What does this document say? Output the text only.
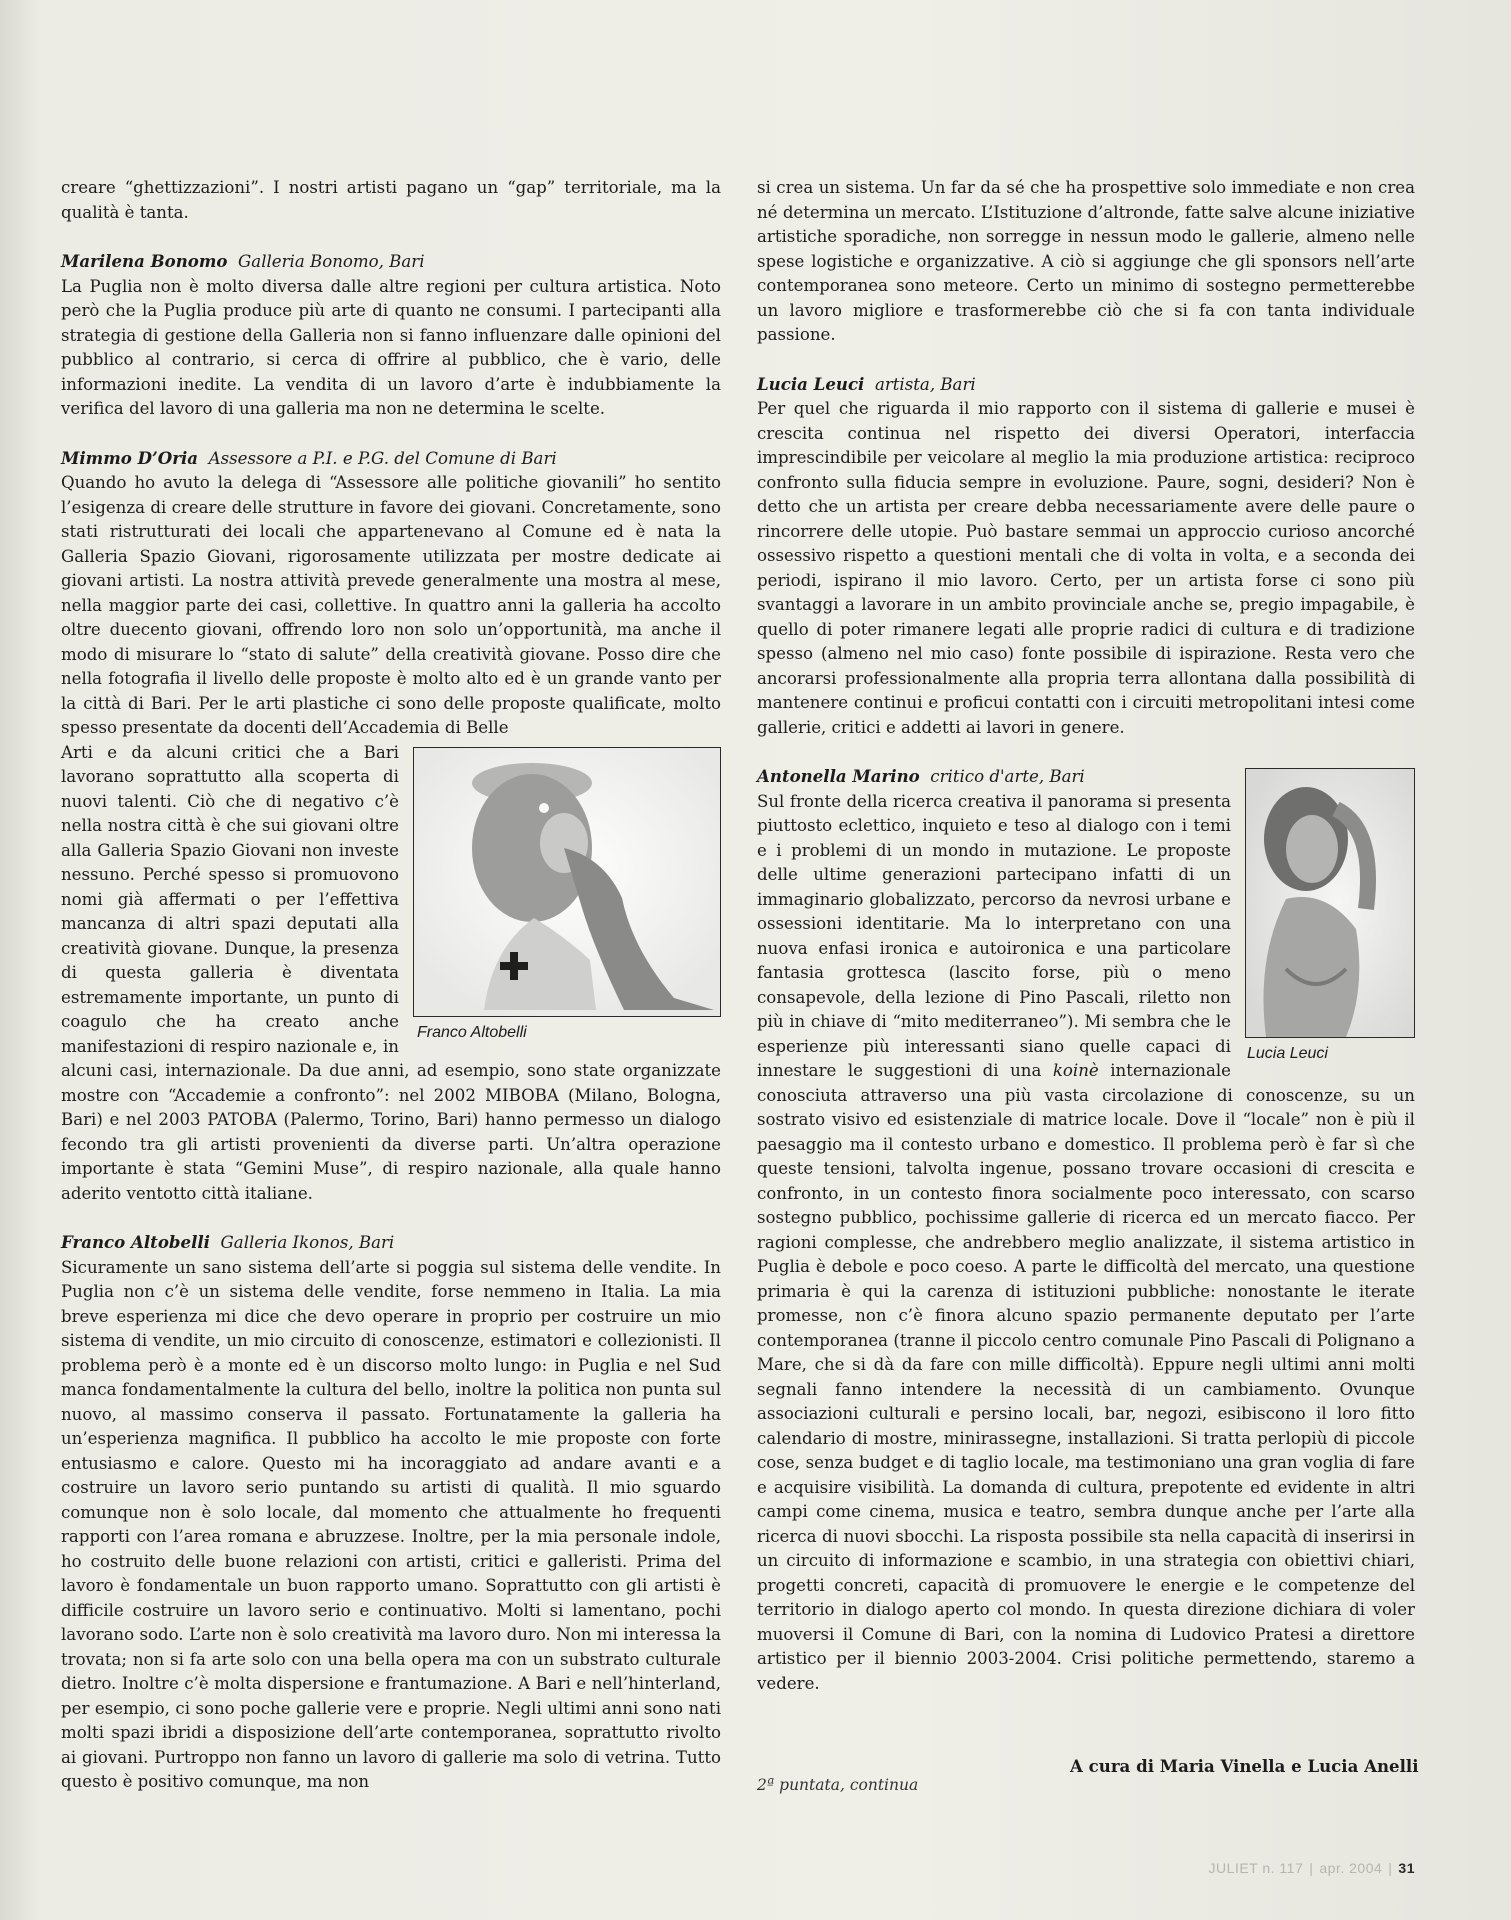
creare “ghettizzazioni”. I nostri artisti pagano un “gap” territoriale, ma la qualità è tanta.

Marilena Bonomo Galleria Bonomo, Bari

La Puglia non è molto diversa dalle altre regioni per cultura artistica. Noto però che la Puglia produce più arte di quanto ne consumi. I partecipanti alla strategia di gestione della Galleria non si fanno influenzare dalle opinioni del pubblico al contrario, si cerca di offrire al pubblico, che è vario, delle informazioni inedite. La vendita di un lavoro d’arte è indubbiamente la verifica del lavoro di una galleria ma non ne determina le scelte.

Mimmo D’Oria Assessore a P.I. e P.G. del Comune di Bari

Quando ho avuto la delega di “Assessore alle politiche giovanili” ho sentito l’esigenza di creare delle strutture in favore dei giovani. Concretamente, sono stati ristrutturati dei locali che appartenevano al Comune ed è nata la Galleria Spazio Giovani, rigorosamente utilizzata per mostre dedicate ai giovani artisti. La nostra attività prevede generalmente una mostra al mese, nella maggior parte dei casi, collettive. In quattro anni la galleria ha accolto oltre duecento giovani, offrendo loro non solo un’opportunità, ma anche il modo di misurare lo “stato di salute” della creatività giovane. Posso dire che nella fotografia il livello delle proposte è molto alto ed è un grande vanto per la città di Bari. Per le arti plastiche ci sono delle proposte qualificate, molto spesso presentate da docenti dell’Accademia di Belle

Franco Altobelli

Arti e da alcuni critici che a Bari lavorano soprattutto alla scoperta di nuovi talenti. Ciò che di negativo c’è nella nostra città è che sui giovani oltre alla Galleria Spazio Giovani non investe nessuno. Perché spesso si promuovono nomi già affermati o per l’effettiva mancanza di altri spazi deputati alla creatività giovane. Dunque, la presenza di questa galleria è diventata estremamente importante, un punto di coagulo che ha creato anche manifestazioni di respiro nazionale e, in alcuni casi, internazionale. Da due anni, ad esempio, sono state organizzate mostre con “Accademie a confronto”: nel 2002 MIBOBA (Milano, Bologna, Bari) e nel 2003 PATOBA (Palermo, Torino, Bari) hanno permesso un dialogo fecondo tra gli artisti provenienti da diverse parti. Un’altra operazione importante è stata “Gemini Muse”, di respiro nazionale, alla quale hanno aderito ventotto città italiane.

Franco Altobelli Galleria Ikonos, Bari

Sicuramente un sano sistema dell’arte si poggia sul sistema delle vendite. In Puglia non c’è un sistema delle vendite, forse nemmeno in Italia. La mia breve esperienza mi dice che devo operare in proprio per costruire un mio sistema di vendite, un mio circuito di conoscenze, estimatori e collezionisti. Il problema però è a monte ed è un discorso molto lungo: in Puglia e nel Sud manca fondamentalmente la cultura del bello, inoltre la politica non punta sul nuovo, al massimo conserva il passato. Fortunatamente la galleria ha un’esperienza magnifica. Il pubblico ha accolto le mie proposte con forte entusiasmo e calore. Questo mi ha incoraggiato ad andare avanti e a costruire un lavoro serio puntando su artisti di qualità. Il mio sguardo comunque non è solo locale, dal momento che attualmente ho frequenti rapporti con l’area romana e abruzzese. Inoltre, per la mia personale indole, ho costruito delle buone relazioni con artisti, critici e galleristi. Prima del lavoro è fondamentale un buon rapporto umano. Soprattutto con gli artisti è difficile costruire un lavoro serio e continuativo. Molti si lamentano, pochi lavorano sodo. L’arte non è solo creatività ma lavoro duro. Non mi interessa la trovata; non si fa arte solo con una bella opera ma con un substrato culturale dietro. Inoltre c’è molta dispersione e frantumazione. A Bari e nell’hinterland, per esempio, ci sono poche gallerie vere e proprie. Negli ultimi anni sono nati molti spazi ibridi a disposizione dell’arte contemporanea, soprattutto rivolto ai giovani. Purtroppo non fanno un lavoro di gallerie ma solo di vetrina. Tutto questo è positivo comunque, ma non

si crea un sistema. Un far da sé che ha prospettive solo immediate e non crea né determina un mercato. L’Istituzione d’altronde, fatte salve alcune iniziative artistiche sporadiche, non sorregge in nessun modo le gallerie, almeno nelle spese logistiche e organizzative. A ciò si aggiunge che gli sponsors nell’arte contemporanea sono meteore. Certo un minimo di sostegno permetterebbe un lavoro migliore e trasformerebbe ciò che si fa con tanta individuale passione.

Lucia Leuci artista, Bari

Per quel che riguarda il mio rapporto con il sistema di gallerie e musei è crescita continua nel rispetto dei diversi Operatori, interfaccia imprescindibile per veicolare al meglio la mia produzione artistica: reciproco confronto sulla fiducia sempre in evoluzione. Paure, sogni, desideri? Non è detto che un artista per creare debba necessariamente avere delle paure o rincorrere delle utopie. Può bastare semmai un approccio curioso ancorché ossessivo rispetto a questioni mentali che di volta in volta, e a seconda dei periodi, ispirano il mio lavoro. Certo, per un artista forse ci sono più svantaggi a lavorare in un ambito provinciale anche se, pregio impagabile, è quello di poter rimanere legati alle proprie radici di cultura e di tradizione spesso (almeno nel mio caso) fonte possibile di ispirazione. Resta vero che ancorarsi professionalmente alla propria terra allontana dalla possibilità di mantenere continui e proficui contatti con i circuiti metropolitani intesi come gallerie, critici e addetti ai lavori in genere.

Lucia Leuci

Antonella Marino critico d'arte, Bari

Sul fronte della ricerca creativa il panorama si presenta piuttosto eclettico, inquieto e teso al dialogo con i temi e i problemi di un mondo in mutazione. Le proposte delle ultime generazioni partecipano infatti di un immaginario globalizzato, percorso da nevrosi urbane e ossessioni identitarie. Ma lo interpretano con una nuova enfasi ironica e autoironica e una particolare fantasia grottesca (lascito forse, più o meno consapevole, della lezione di Pino Pascali, riletto non più in chiave di “mito mediterraneo”). Mi sembra che le esperienze più interessanti siano quelle capaci di innestare le suggestioni di una koinè internazionale conosciuta attraverso una più vasta circolazione di conoscenze, su un sostrato visivo ed esistenziale di matrice locale. Dove il “locale” non è più il paesaggio ma il contesto urbano e domestico. Il problema però è far sì che queste tensioni, talvolta ingenue, possano trovare occasioni di crescita e confronto, in un contesto finora socialmente poco interessato, con scarso sostegno pubblico, pochissime gallerie di ricerca ed un mercato fiacco. Per ragioni complesse, che andrebbero meglio analizzate, il sistema artistico in Puglia è debole e poco coeso. A parte le difficoltà del mercato, una questione primaria è qui la carenza di istituzioni pubbliche: nonostante le iterate promesse, non c’è finora alcuno spazio permanente deputato per l’arte contemporanea (tranne il piccolo centro comunale Pino Pascali di Polignano a Mare, che si dà da fare con mille difficoltà). Eppure negli ultimi anni molti segnali fanno intendere la necessità di un cambiamento. Ovunque associazioni culturali e persino locali, bar, negozi, esibiscono il loro fitto calendario di mostre, minirassegne, installazioni. Si tratta perlopiù di piccole cose, senza budget e di taglio locale, ma testimoniano una gran voglia di fare e acquisire visibilità. La domanda di cultura, prepotente ed evidente in altri campi come cinema, musica e teatro, sembra dunque anche per l’arte alla ricerca di nuovi sbocchi. La risposta possibile sta nella capacità di inserirsi in un circuito di informazione e scambio, in una strategia con obiettivi chiari, progetti concreti, capacità di promuovere le energie e le competenze del territorio in dialogo aperto col mondo. In questa direzione dichiara di voler muoversi il Comune di Bari, con la nomina di Ludovico Pratesi a direttore artistico per il biennio 2003-2004. Crisi politiche permettendo, staremo a vedere.

A cura di Maria Vinella e Lucia Anelli
2ª puntata, continua
JULIET n. 117 | apr. 2004 | 31
